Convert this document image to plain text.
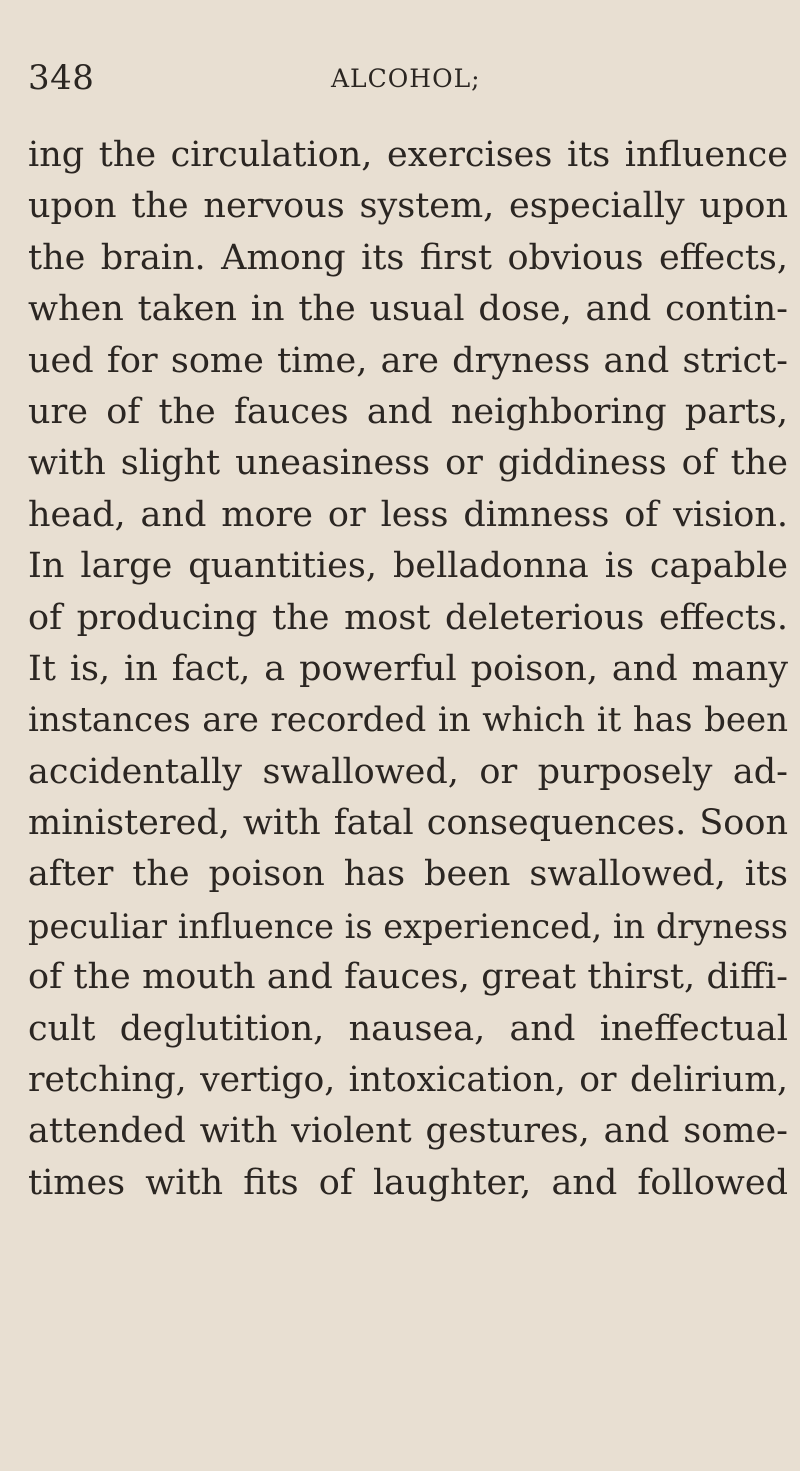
348	ALCOHOL;
ing the circulation, exercises its influence
upon the nervous system, especially upon
the brain. Among its first obvious effects,
when taken in the usual dose, and contin-
ued for some time, are dryness and strict-
ure of the fauces and neighboring parts,
with slight uneasiness or giddiness of the
head, and more or less dimness of vision.
In large quantities, belladonna is capable
of producing the most deleterious effects.
It is, in fact, a powerful poison, and many
instances are recorded in which it has been
accidentally swallowed, or purposely ad-
ministered, with fatal consequences. Soon
after the poison has been swallowed, its
peculiar influence is experienced, in dryness
of the mouth and fauces, great thirst, diffi-
cult deglutition, nausea, and ineffectual
retching, vertigo, intoxication, or delirium,
attended with violent gestures, and some-
times with fits of laughter, and followed
